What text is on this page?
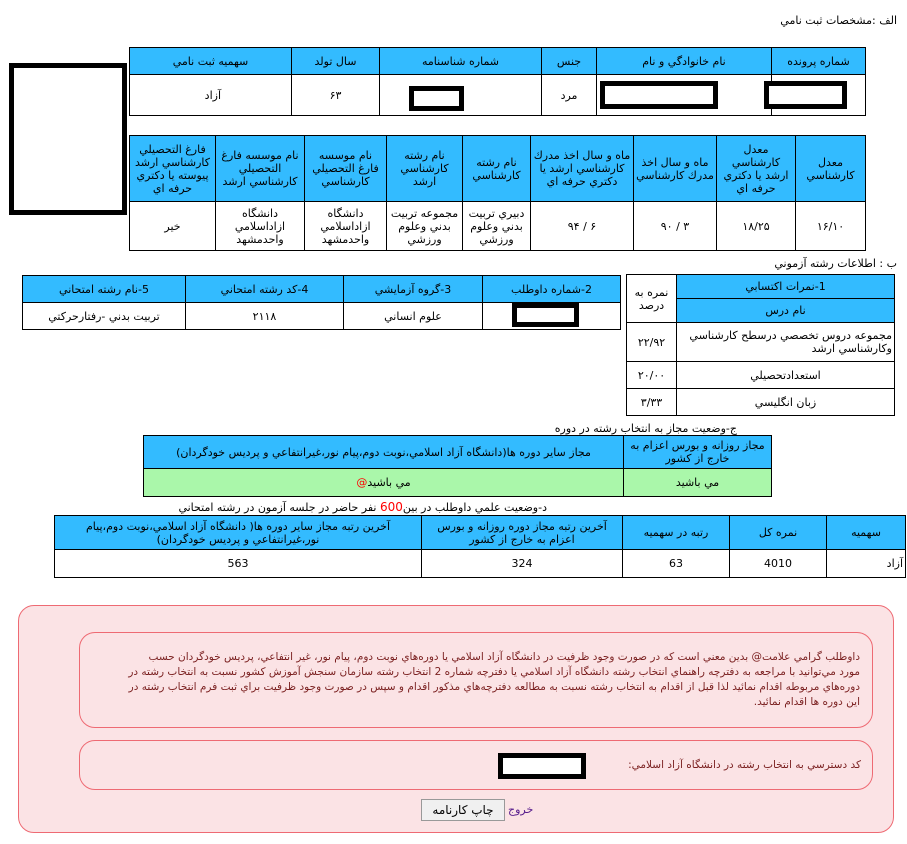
الف :مشخصات ثبت نامي
شماره پرونده	نام خانوادگي و نام	جنس	شماره شناسنامه	سال تولد	سهميه ثبت نامي
		مرد		۶۳	آزاد
معدل كارشناسي	معدل كارشناسي ارشد يا دكتري حرفه اي	ماه و سال اخذ مدرك كارشناسي	ماه و سال اخذ مدرك كارشناسي ارشد يا دكتري حرفه اي	نام رشته كارشناسي	نام رشته كارشناسي ارشد	نام موسسه فارغ التحصيلي كارشناسي	نام موسسه فارغ التحصيلي كارشناسي ارشد	فارغ التحصيلي كارشناسي ارشد پيوسته يا دكتري حرفه اي
۱۶/۱۰	۱۸/۲۵	۳ / ۹۰	۶ / ۹۴	دبيري تربيت بدني وعلوم ورزشي	مجموعه تربيت بدني وعلوم ورزشي	دانشگاه ازاداسلامي واحدمشهد	دانشگاه ازاداسلامي واحدمشهد	خير
ب : اطلاعات رشته آزموني
1-نمرات اكتسابي	نمره به درصد
نام درس	
مجموعه دروس تخصصي درسطح كارشناسي وكارشناسي ارشد	۲۲/۹۲
استعدادتحصيلي	۲۰/۰۰
زبان انگليسي	۳/۳۳
2-شماره داوطلب	3-گروه آزمايشي	4-كد رشته امتحاني	5-نام رشته امتحاني
	علوم انساني	۲۱۱۸	تربيت بدني -رفتارحركتي
ج-وضعيت مجاز به انتخاب رشته در دوره
مجاز روزانه و بورس اعزام به خارج از كشور	مجاز ساير دوره ها(دانشگاه آزاد اسلامي،نوبت دوم،پيام نور،غيرانتفاعي و پرديس خودگردان)
مي باشيد	مي باشيد@
د-وضعيت علمي داوطلب در بين600 نفر حاضر در جلسه آزمون در رشته امتحاني
سهميه	نمره كل	رتبه در سهميه	آخرين رتبه مجاز دوره روزانه و بورس اعزام به خارج از كشور	آخرين رتبه مجاز ساير دوره ها( دانشگاه آزاد اسلامي،نوبت دوم،پيام نور،غيرانتفاعي و پرديس خودگردان)
آزاد	4010	63	324	563
داوطلب گرامي علامت@ بدين معني است كه در صورت وجود ظرفيت در دانشگاه آزاد اسلامي يا دوره‌هاي نوبت دوم، پيام نور، غير انتفاعي، پرديس خودگردان حسب مورد مي‌توانيد با مراجعه به دفترچه راهنماي انتخاب رشته دانشگاه آزاد اسلامي يا دفترچه شماره 2 انتخاب رشته سازمان سنجش آموزش كشور نسبت به انتخاب رشته در دوره‌هاي مربوطه اقدام نمائيد لذا قبل از اقدام به انتخاب رشته نسبت به مطالعه دفترچه‌هاي مذكور اقدام و سپس در صورت وجود ظرفيت براي ثبت فرم انتخاب رشته در اين دوره ها اقدام نمائيد.
كد دسترسي به انتخاب رشته در دانشگاه آزاد اسلامي:
چاپ كارنامه	خروج
